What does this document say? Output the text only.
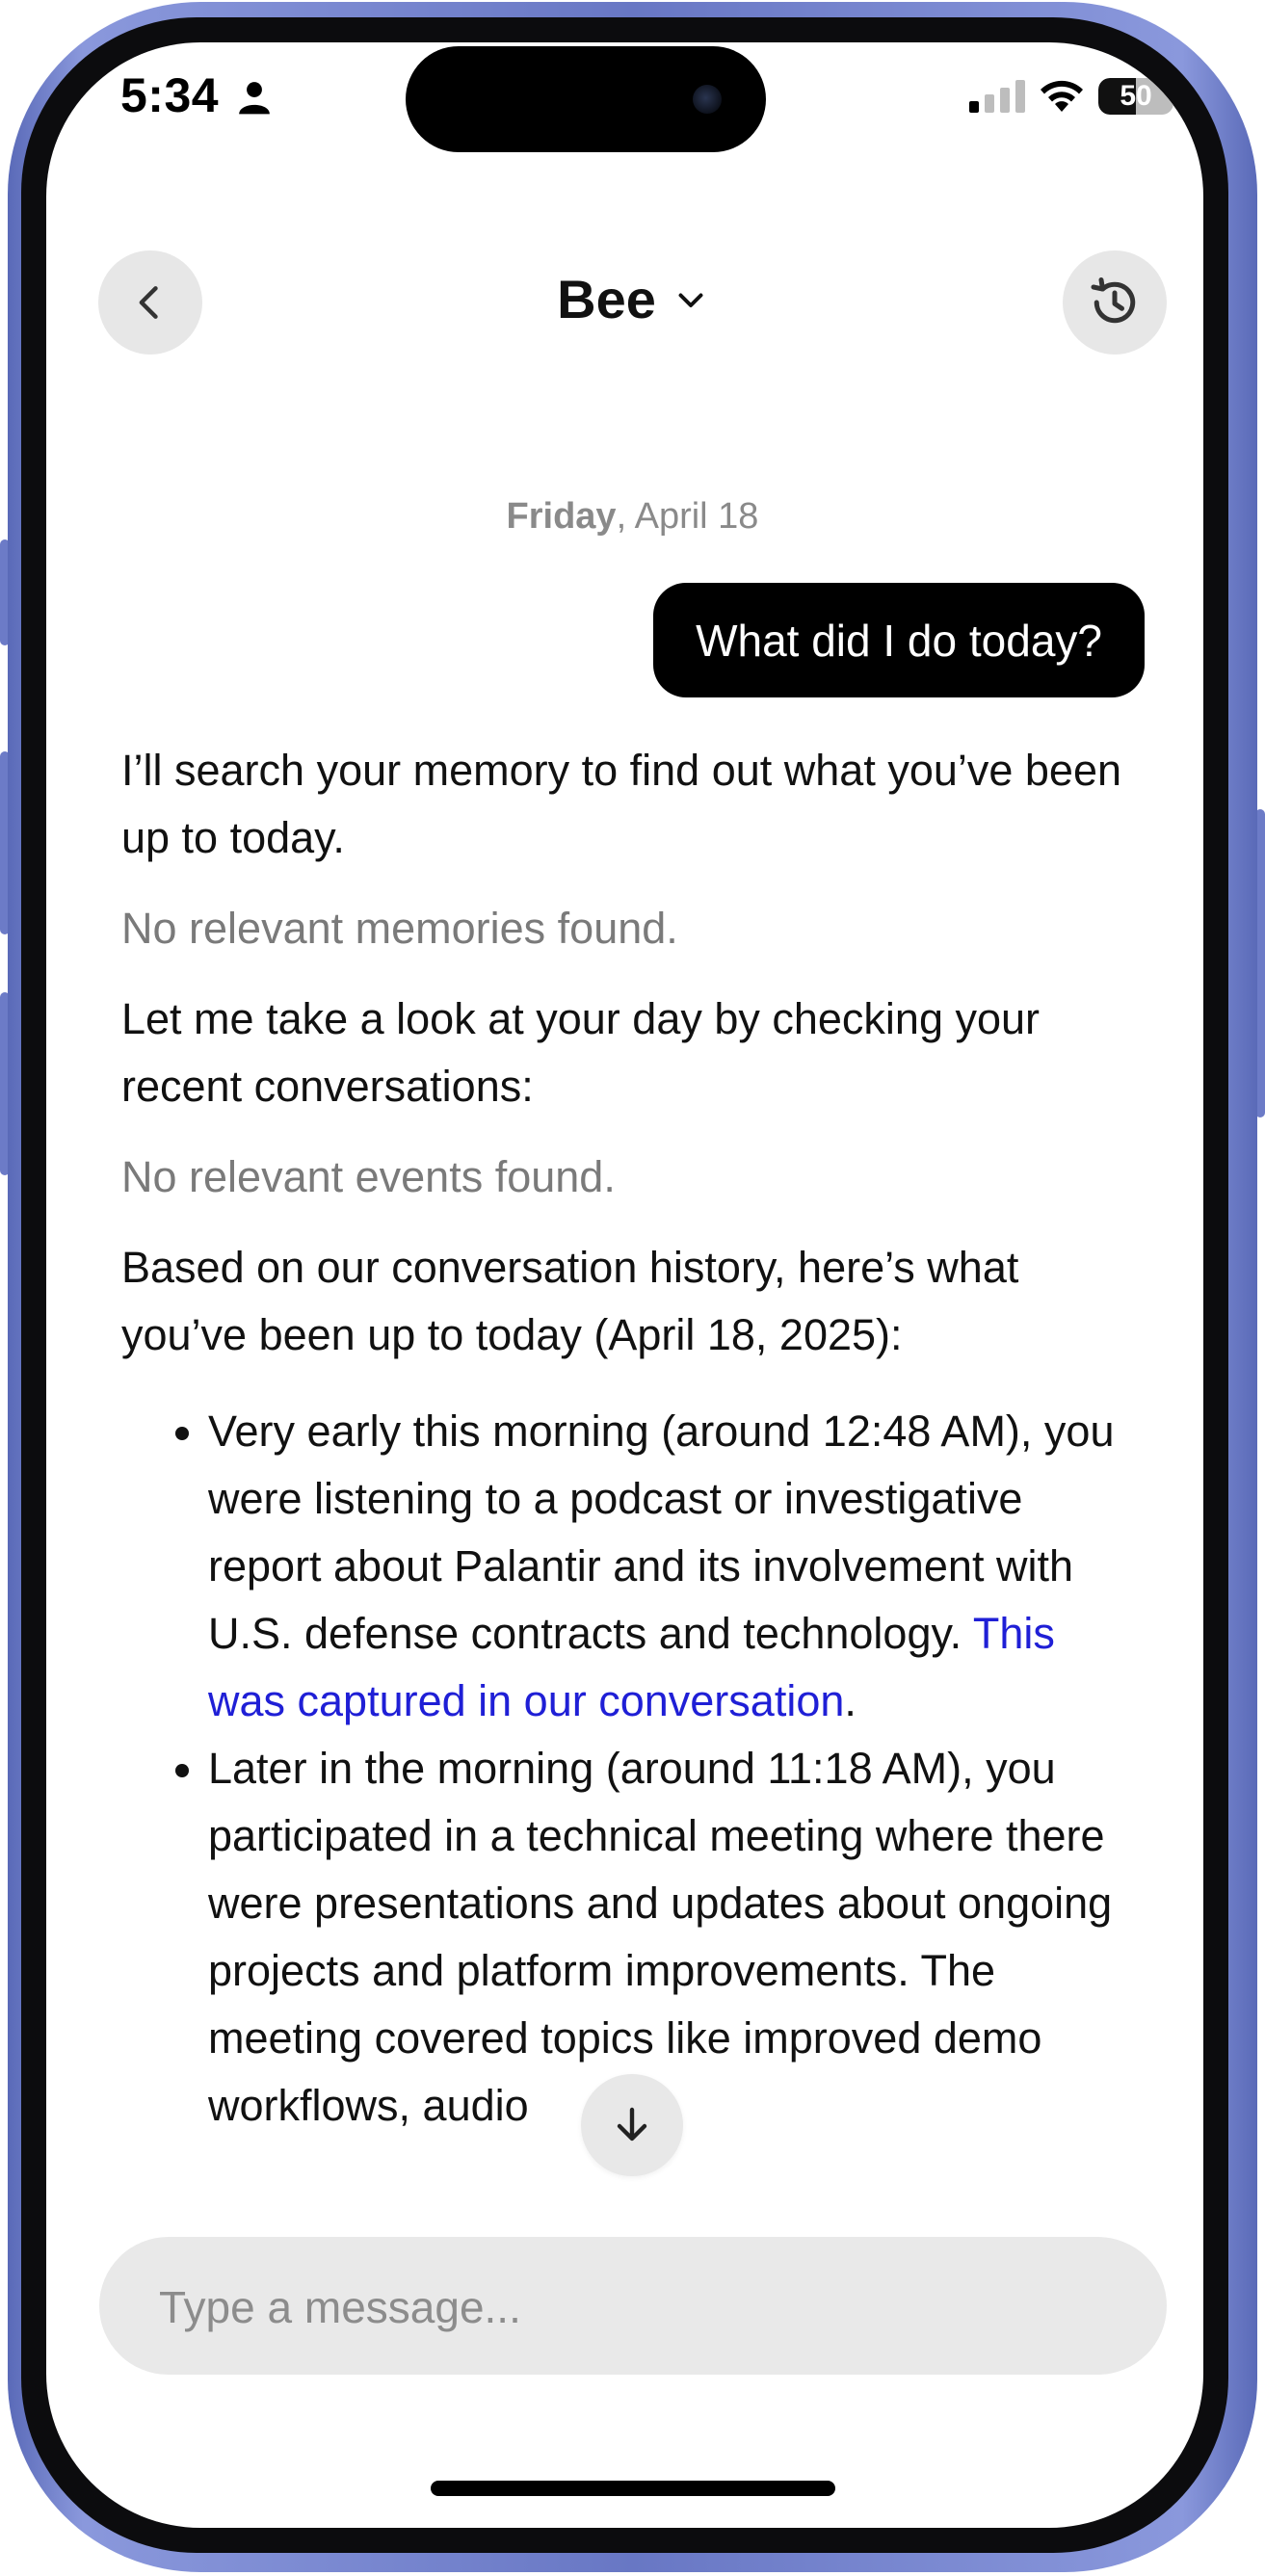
5:34	50
Bee
Friday, April 18
What did I do today?

I’ll search your memory to find out what you’ve been up to today.

No relevant memories found.

Let me take a look at your day by checking your recent conversations:

No relevant events found.

Based on our conversation history, here’s what you’ve been up to today (April 18, 2025):

• Very early this morning (around 12:48 AM), you were listening to a podcast or investigative report about Palantir and its involvement with U.S. defense contracts and technology. This was captured in our conversation.
• Later in the morning (around 11:18 AM), you participated in a technical meeting where there were presentations and updates about ongoing projects and platform improvements. The meeting covered topics like improved demo workflows, audio
Type a message...
